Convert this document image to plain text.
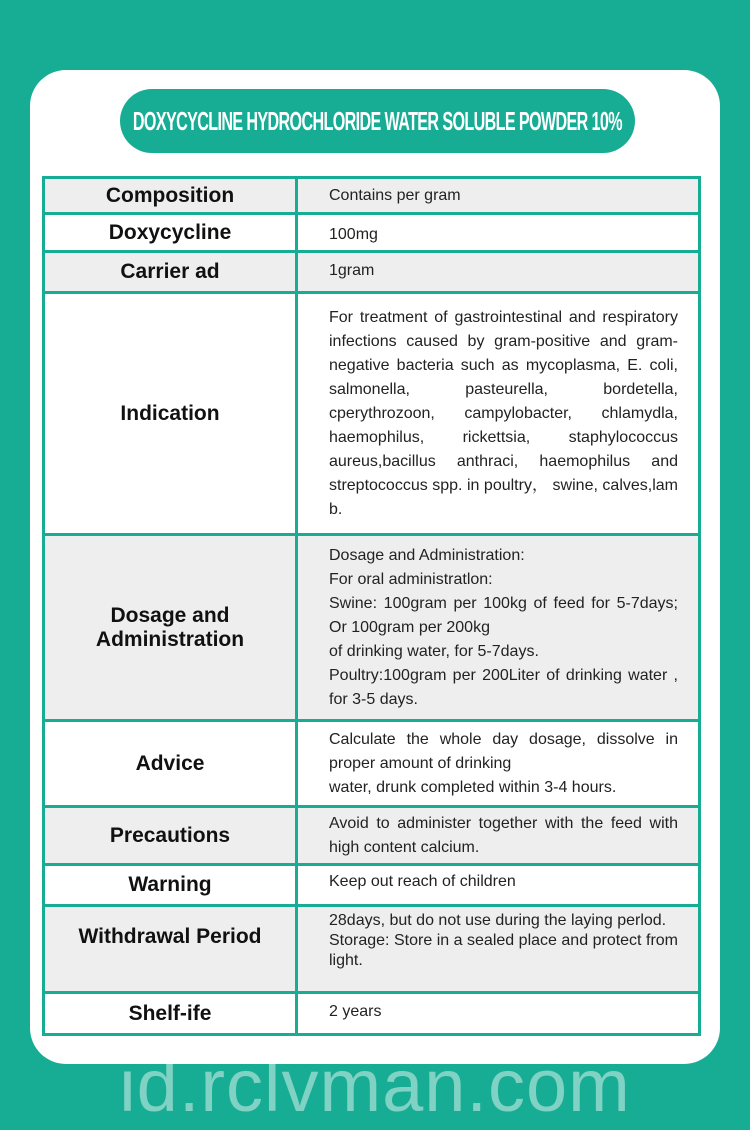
DOXYCYCLINE HYDROCHLORIDE WATER SOLUBLE POWDER 10%
Composition	Contains per gram
Doxycycline	100mg
Carrier ad	1gram
Indication	For treatment of gastrointestinal and respiratory infections caused by gram-positive and gram-negative bacteria such as mycoplasma, E. coli, salmonella, pasteurella, bordetella, cperythrozoon, campylobacter, chlamydla, haemophilus, rickettsia, staphylococcus aureus,bacillus anthraci, haemophilus and streptococcus spp. in poultry， swine, calves,lam b.
Dosage and Administration	Dosage and Administration:
For oral administratlon:
Swine: 100gram per 100kg of feed for 5-7days; Or 100gram per 200kg
of drinking water, for 5-7days.
Poultry:100gram per 200Liter of drinking water , for 3-5 days.

Advice	Calculate the whole day dosage, dissolve in proper amount of drinking
water, drunk completed within 3-4 hours.

Precautions	Avoid to administer together with the feed with high content calcium.
Warning	Keep out reach of children
Withdrawal Period	28days, but do not use during the laying perlod.
Storage: Store in a sealed place and protect from light.

Shelf-ife	2 years
id.rclvman.com
